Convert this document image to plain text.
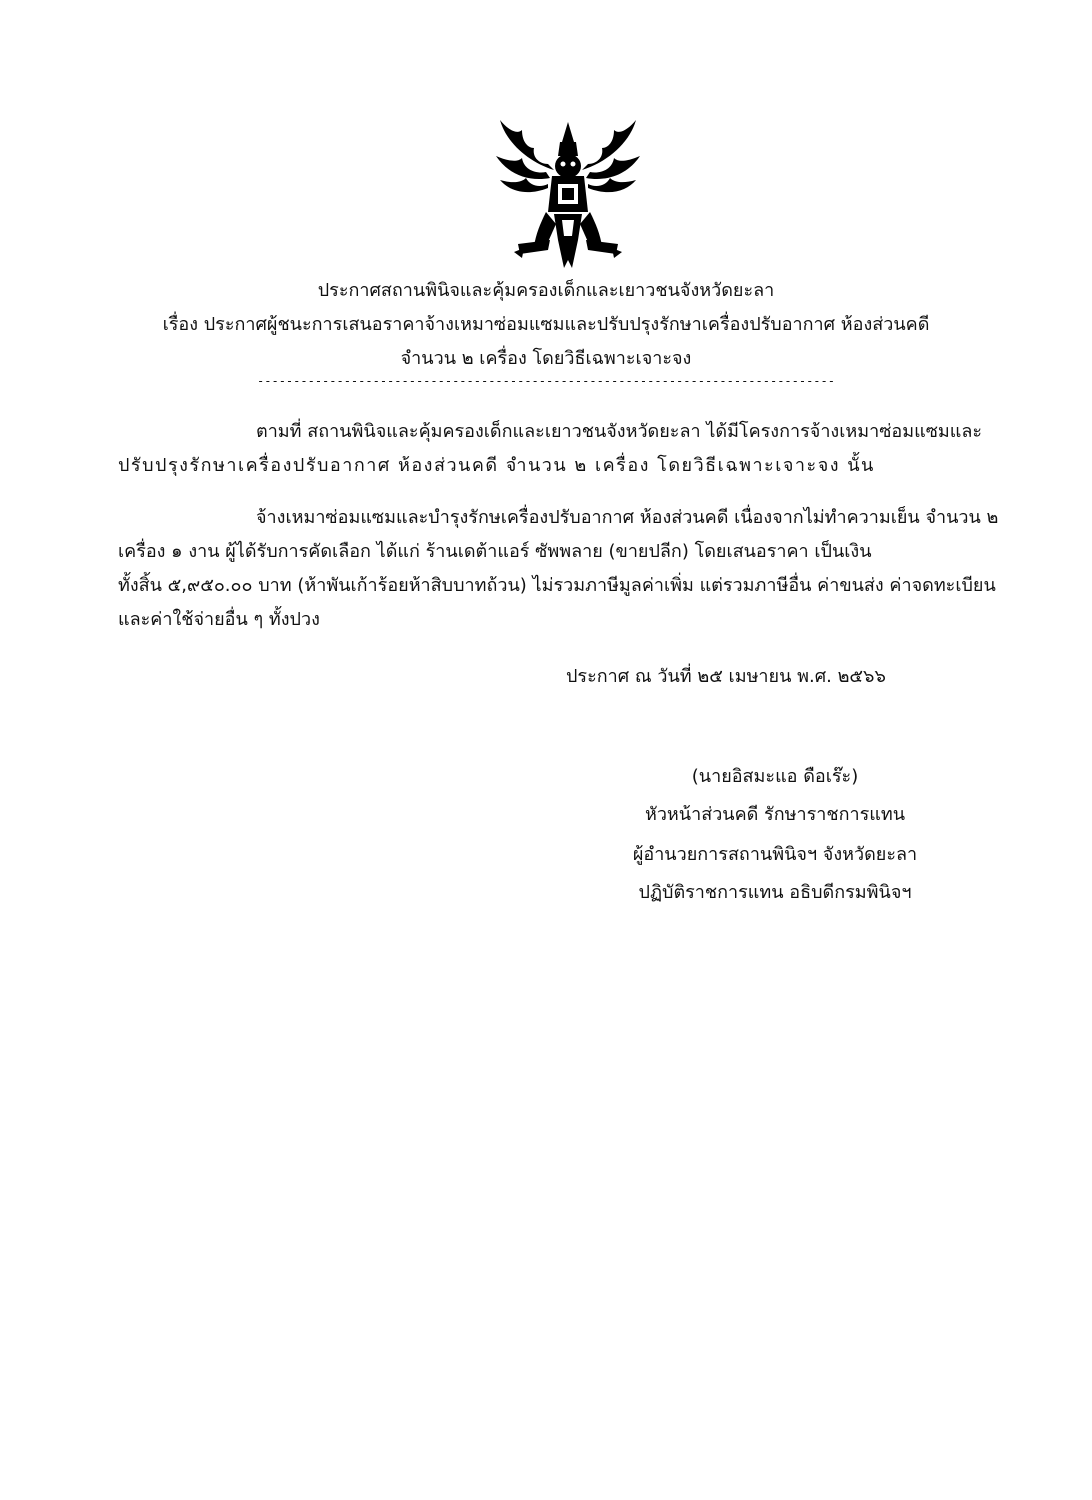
ประกาศสถานพินิจและคุ้มครองเด็กและเยาวชนจังหวัดยะลา
เรื่อง ประกาศผู้ชนะการเสนอราคาจ้างเหมาซ่อมแซมและปรับปรุงรักษาเครื่องปรับอากาศ ห้องส่วนคดี
จำนวน ๒ เครื่อง โดยวิธีเฉพาะเจาะจง
--------------------------------------------------------------------------------
ตามที่ สถานพินิจและคุ้มครองเด็กและเยาวชนจังหวัดยะลา ได้มีโครงการจ้างเหมาซ่อมแซมและ
ปรับปรุงรักษาเครื่องปรับอากาศ ห้องส่วนคดี จำนวน ๒ เครื่อง โดยวิธีเฉพาะเจาะจง นั้น
จ้างเหมาซ่อมแซมและบำรุงรักษเครื่องปรับอากาศ ห้องส่วนคดี เนื่องจากไม่ทำความเย็น จำนวน ๒
เครื่อง ๑ งาน ผู้ได้รับการคัดเลือก ได้แก่ ร้านเดต้าแอร์ ซัพพลาย (ขายปลีก) โดยเสนอราคา เป็นเงิน
ทั้งสิ้น ๕,๙๕๐.๐๐ บาท (ห้าพันเก้าร้อยห้าสิบบาทถ้วน) ไม่รวมภาษีมูลค่าเพิ่ม แต่รวมภาษีอื่น ค่าขนส่ง ค่าจดทะเบียน
และค่าใช้จ่ายอื่น ๆ ทั้งปวง
ประกาศ ณ วันที่ ๒๕ เมษายน พ.ศ. ๒๕๖๖
(นายอิสมะแอ ดือเร๊ะ)
หัวหน้าส่วนคดี รักษาราชการแทน
ผู้อำนวยการสถานพินิจฯ จังหวัดยะลา
ปฏิบัติราชการแทน อธิบดีกรมพินิจฯ
